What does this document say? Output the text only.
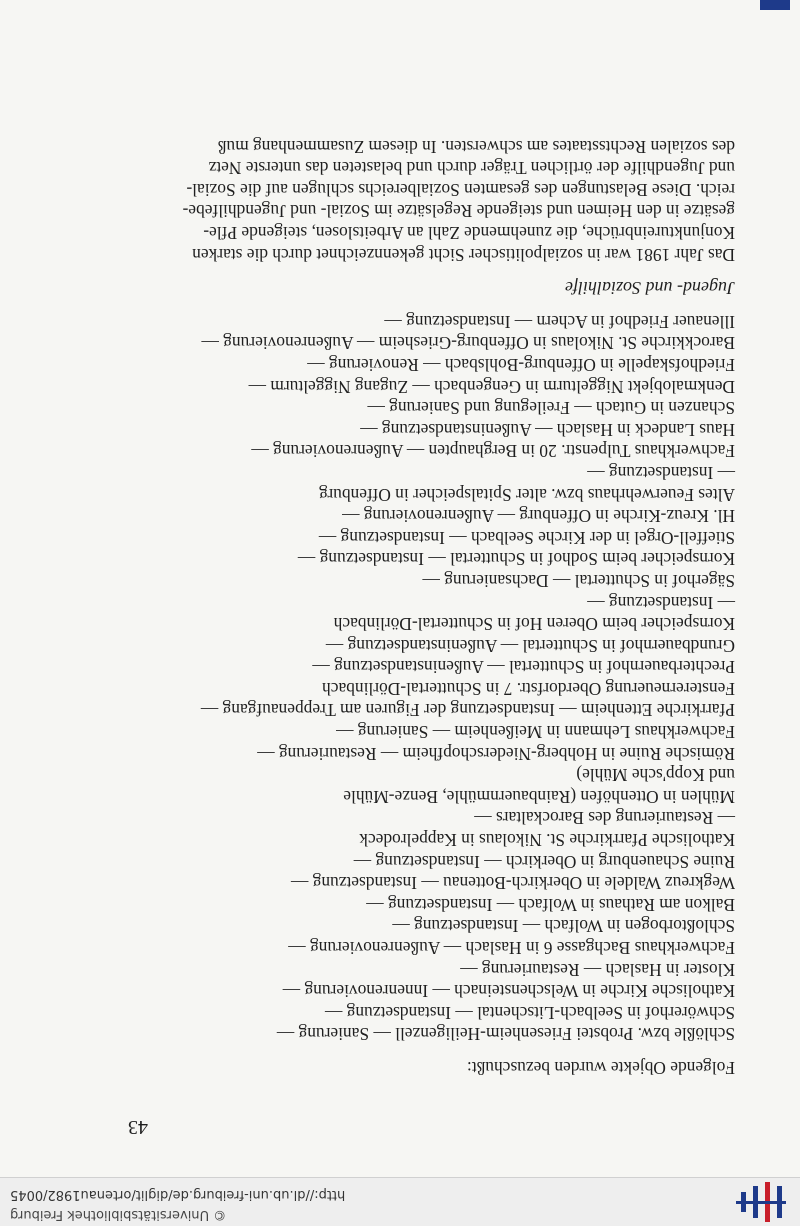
© Universitätsbibliothek Freiburg
http://dl.ub.uni-freiburg.de/diglit/ortenau1982/0045
43

Folgende Objekte wurden bezuschußt:

Schlößle bzw. Probstei Friesenheim-Heiligenzell — Sanierung —
Schwörerhof in Seelbach-Litschental — Instandsetzung —
Katholische Kirche in Welschensteinach — Innenrenovierung —
Kloster in Haslach — Restaurierung —
Fachwerkhaus Bachgasse 6 in Haslach — Außenrenovierung —
Schloßtorbogen in Wolfach — Instandsetzung —
Balkon am Rathaus in Wolfach — Instandsetzung —
Wegkreuz Waldele in Oberkirch-Bottenau — Instandsetzung —
Ruine Schauenburg in Oberkirch — Instandsetzung —
Katholische Pfarrkirche St. Nikolaus in Kappelrodeck
— Restaurierung des Barockaltars —
Mühlen in Ottenhöfen (Rainbauernmühle, Benze-Mühle
und Kopp'sche Mühle)
Römische Ruine in Hohberg-Niederschopfheim — Restaurierung —
Fachwerkhaus Lehmann in Meißenheim — Sanierung —
Pfarrkirche Ettenheim — Instandsetzung der Figuren am Treppenaufgang —
Fenstererneuerung Oberdorfstr. 7 in Schuttertal-Dörlinbach
Prechterbauernhof in Schuttertal — Außeninstandsetzung —
Grundbauernhof in Schuttertal — Außeninstandsetzung —
Kornspeicher beim Oberen Hof in Schuttertal-Dörlinbach
— Instandsetzung —
Sägerhof in Schuttertal — Dachsanierung —
Kornspeicher beim Sodhof in Schuttertal — Instandsetzung —
Stieffell-Orgel in der Kirche Seelbach — Instandsetzung —
Hl. Kreuz-Kirche in Offenburg — Außenrenovierung —
Altes Feuerwehrhaus bzw. alter Spitalspeicher in Offenburg
— Instandsetzung —
Fachwerkhaus Tulpenstr. 20 in Berghaupten — Außenrenovierung —
Haus Landeck in Haslach — Außeninstandsetzung —
Schanzen in Gutach — Freilegung und Sanierung —
Denkmalobjekt Niggelturm in Gengenbach — Zugang Niggelturm —
Friedhofskapelle in Offenburg-Bohlsbach — Renovierung —
Barockkirche St. Nikolaus in Offenburg-Griesheim — Außenrenovierung —
Illenauer Friedhof in Achern — Instandsetzung —

Jugend- und Sozialhilfe

Das Jahr 1981 war in sozialpolitischer Sicht gekennzeichnet durch die starken
Konjunktureinbrüche, die zunehmende Zahl an Arbeitslosen, steigende Pfle-
gesätze in den Heimen und steigende Regelsätze im Sozial- und Jugendhilfebe-
reich. Diese Belastungen des gesamten Sozialbereichs schlugen auf die Sozial-
und Jugendhilfe der örtlichen Träger durch und belasteten das unterste Netz
des sozialen Rechtsstaates am schwersten. In diesem Zusammenhang muß
